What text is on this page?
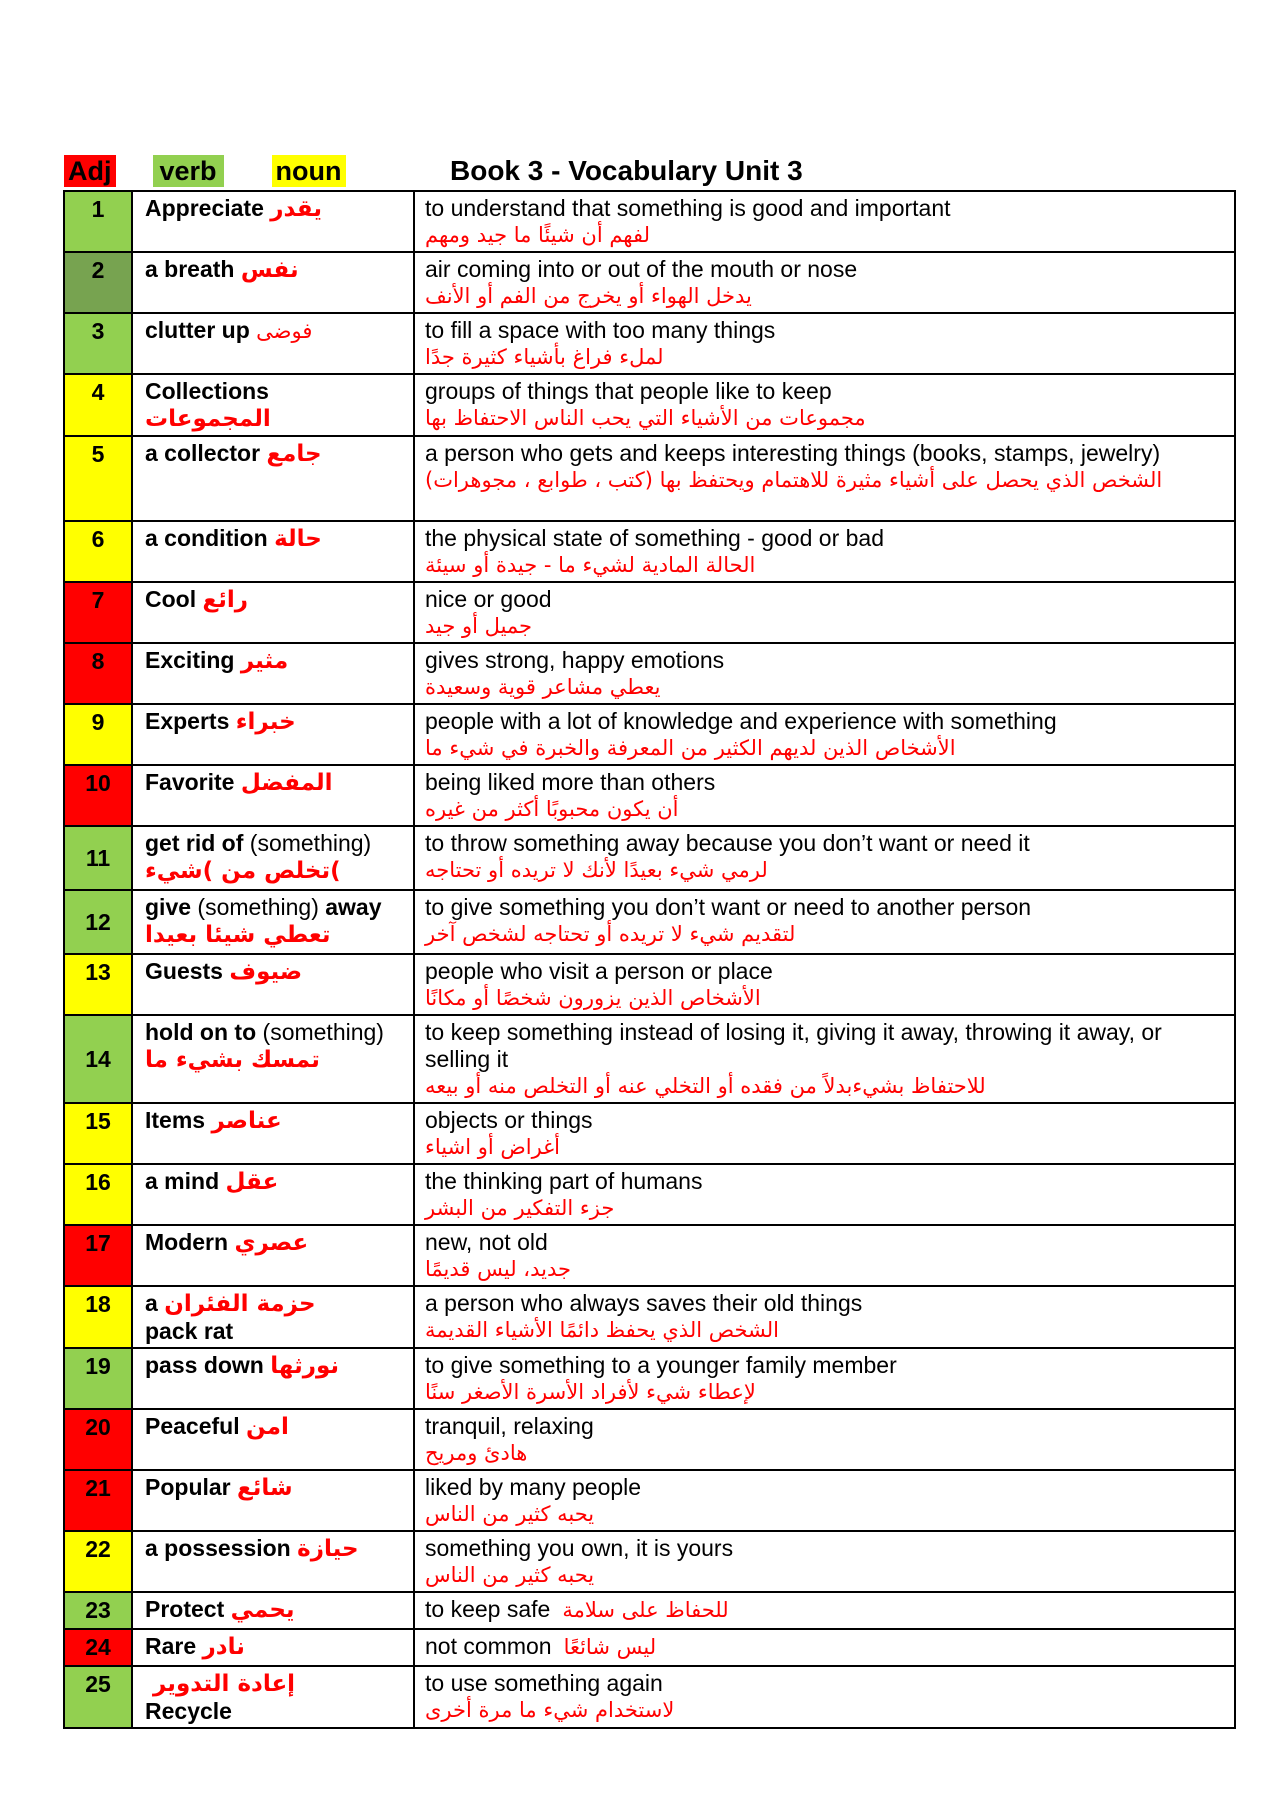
Adj verb noun	Book 3 - Vocabulary Unit 3
1	Appreciate يقدر	to understand that something is good and important
لفهم أن شيئًا ما جيد ومهم

2	a breath نفس	air coming into or out of the mouth or nose
يدخل الهواء أو يخرج من الفم أو الأنف

3	clutter up فوضى	to fill a space with too many things
لملء فراغ بأشياء كثيرة جدًا

4	Collections
المجموعات	groups of things that people like to keep
مجموعات من الأشياء التي يحب الناس الاحتفاظ بها

5	a collector جامع	a person who gets and keeps interesting things (books, stamps, jewelry)
الشخص الذي يحصل على أشياء مثيرة للاهتمام ويحتفظ بها (كتب ، طوابع ، مجوهرات)

6	a condition حالة	the physical state of something - good or bad
الحالة المادية لشيء ما - جيدة أو سيئة

7	Cool رائع	nice or good
جميل أو جيد

8	Exciting مثير	gives strong, happy emotions
يعطي مشاعر قوية وسعيدة

9	Experts خبراء	people with a lot of knowledge and experience with something
الأشخاص الذين لديهم الكثير من المعرفة والخبرة في شيء ما

10	Favorite المفضل	being liked more than others
أن يكون محبوبًا أكثر من غيره

11	get rid of (something)
تخلص من )شيء(	to throw something away because you don’t want or need it
لرمي شيء بعيدًا لأنك لا تريده أو تحتاجه

12	give (something) away
تعطي شيئا بعيدا	to give something you don’t want or need to another person
لتقديم شيء لا تريده أو تحتاجه لشخص آخر

13	Guests ضيوف	people who visit a person or place
الأشخاص الذين يزورون شخصًا أو مكانًا

14	hold on to (something)
تمسك بشيء ما	to keep something instead of losing it, giving it away, throwing it away, or selling it
للاحتفاظ بشيءبدلاً من فقده أو التخلي عنه أو التخلص منه أو بيعه

15	Items عناصر	objects or things
أغراض أو اشياء

16	a mind عقل	the thinking part of humans
جزء التفكير من البشر

17	Modern عصري	new, not old
جديد، ليس قديمًا

18	a حزمة الفئران
pack rat	a person who always saves their old things
الشخص الذي يحفظ دائمًا الأشياء القديمة

19	pass down نورثها	to give something to a younger family member
لإعطاء شيء لأفراد الأسرة الأصغر سنًا

20	Peaceful امن	tranquil, relaxing
هادئ ومريح

21	Popular شائع	liked by many people
يحبه كثير من الناس

22	a possession حيازة	something you own, it is yours
يحبه كثير من الناس

23	Protect يحمي	to keep safe للحفاظ على سلامة
24	Rare نادر	not common ليس شائعًا
25	إعادة التدوير
Recycle	to use something again
لاستخدام شيء ما مرة أخرى
